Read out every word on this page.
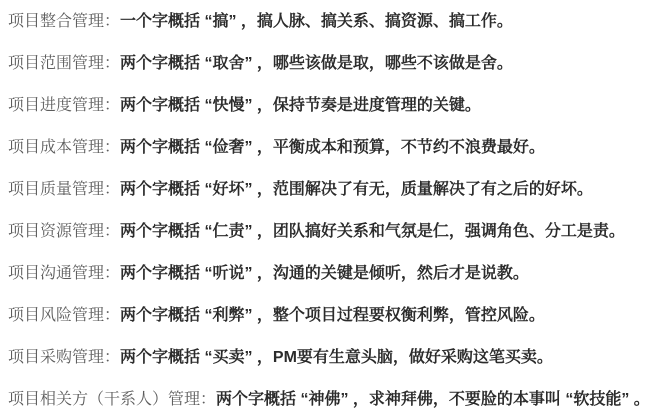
项目整合管理：一个字概括 “搞” ，搞人脉、搞关系、搞资源、搞工作。

项目范围管理：两个字概括 “取舍” ，哪些该做是取，哪些不该做是舍。

项目进度管理：两个字概括 “快慢” ，保持节奏是进度管理的关键。

项目成本管理：两个字概括 “俭奢” ，平衡成本和预算，不节约不浪费最好。

项目质量管理：两个字概括 “好坏” ，范围解决了有无，质量解决了有之后的好坏。

项目资源管理：两个字概括 “仁责” ，团队搞好关系和气氛是仁，强调角色、分工是责。

项目沟通管理：两个字概括 “听说” ，沟通的关键是倾听，然后才是说教。

项目风险管理：两个字概括 “利弊” ，整个项目过程要权衡利弊，管控风险。

项目采购管理：两个字概括 “买卖” ，PM要有生意头脑，做好采购这笔买卖。

项目相关方（干系人）管理：两个字概括 “神佛” ，求神拜佛，不要脸的本事叫 “软技能” 。
